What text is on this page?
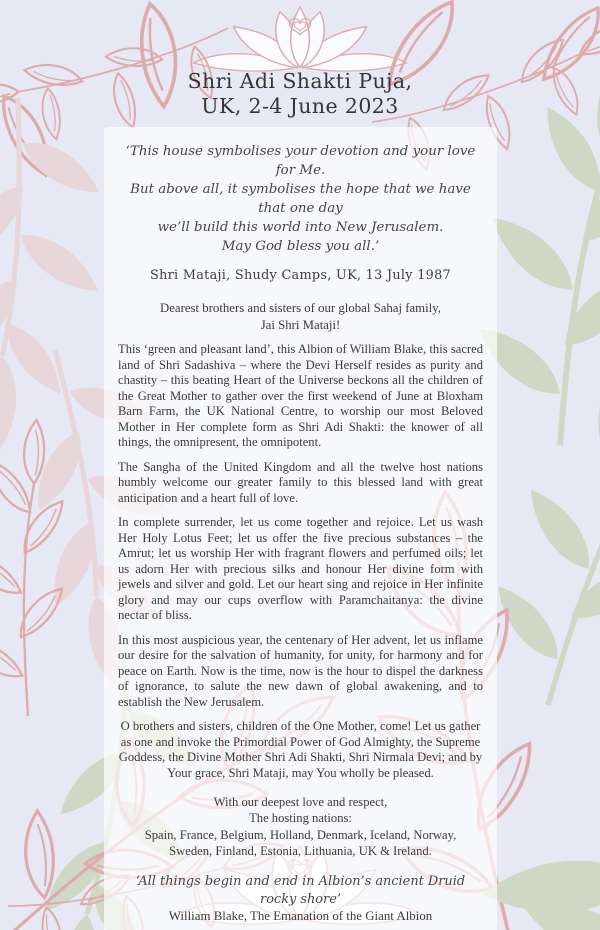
Shri Adi Shakti Puja,
UK, 2-4 June 2023
‘This house symbolises your devotion and your love for Me.
But above all, it symbolises the hope that we have that one day
we’ll build this world into New Jerusalem.
May God bless you all.’
Shri Mataji, Shudy Camps, UK, 13 July 1987
Dearest brothers and sisters of our global Sahaj family,
Jai Shri Mataji!

This ‘green and pleasant land’, this Albion of William Blake, this sacred land of Shri Sadashiva – where the Devi Herself resides as purity and chastity – this beating Heart of the Universe beckons all the children of the Great Mother to gather over the first weekend of June at Bloxham Barn Farm, the UK National Centre, to worship our most Beloved Mother in Her complete form as Shri Adi Shakti: the knower of all things, the omnipresent, the omnipotent.

The Sangha of the United Kingdom and all the twelve host nations humbly welcome our greater family to this blessed land with great anticipation and a heart full of love.

In complete surrender, let us come together and rejoice. Let us wash Her Holy Lotus Feet; let us offer the five precious substances – the Amrut; let us worship Her with fragrant flowers and perfumed oils; let us adorn Her with precious silks and honour Her divine form with jewels and silver and gold. Let our heart sing and rejoice in Her infinite glory and may our cups overflow with Paramchaitanya: the divine nectar of bliss.

In this most auspicious year, the centenary of Her advent, let us inflame our desire for the salvation of humanity, for unity, for harmony and for peace on Earth. Now is the time, now is the hour to dispel the darkness of ignorance, to salute the new dawn of global awakening, and to establish the New Jerusalem.

O brothers and sisters, children of the One Mother, come! Let us gather as one and invoke the Primordial Power of God Almighty, the Supreme Goddess, the Divine Mother Shri Adi Shakti, Shri Nirmala Devi; and by Your grace, Shri Mataji, may You wholly be pleased.

With our deepest love and respect,
The hosting nations:
Spain, France, Belgium, Holland, Denmark, Iceland, Norway,
Sweden, Finland, Estonia, Lithuania, UK & Ireland.
‘All things begin and end in Albion’s ancient Druid rocky shore’
William Blake, The Emanation of the Giant Albion
